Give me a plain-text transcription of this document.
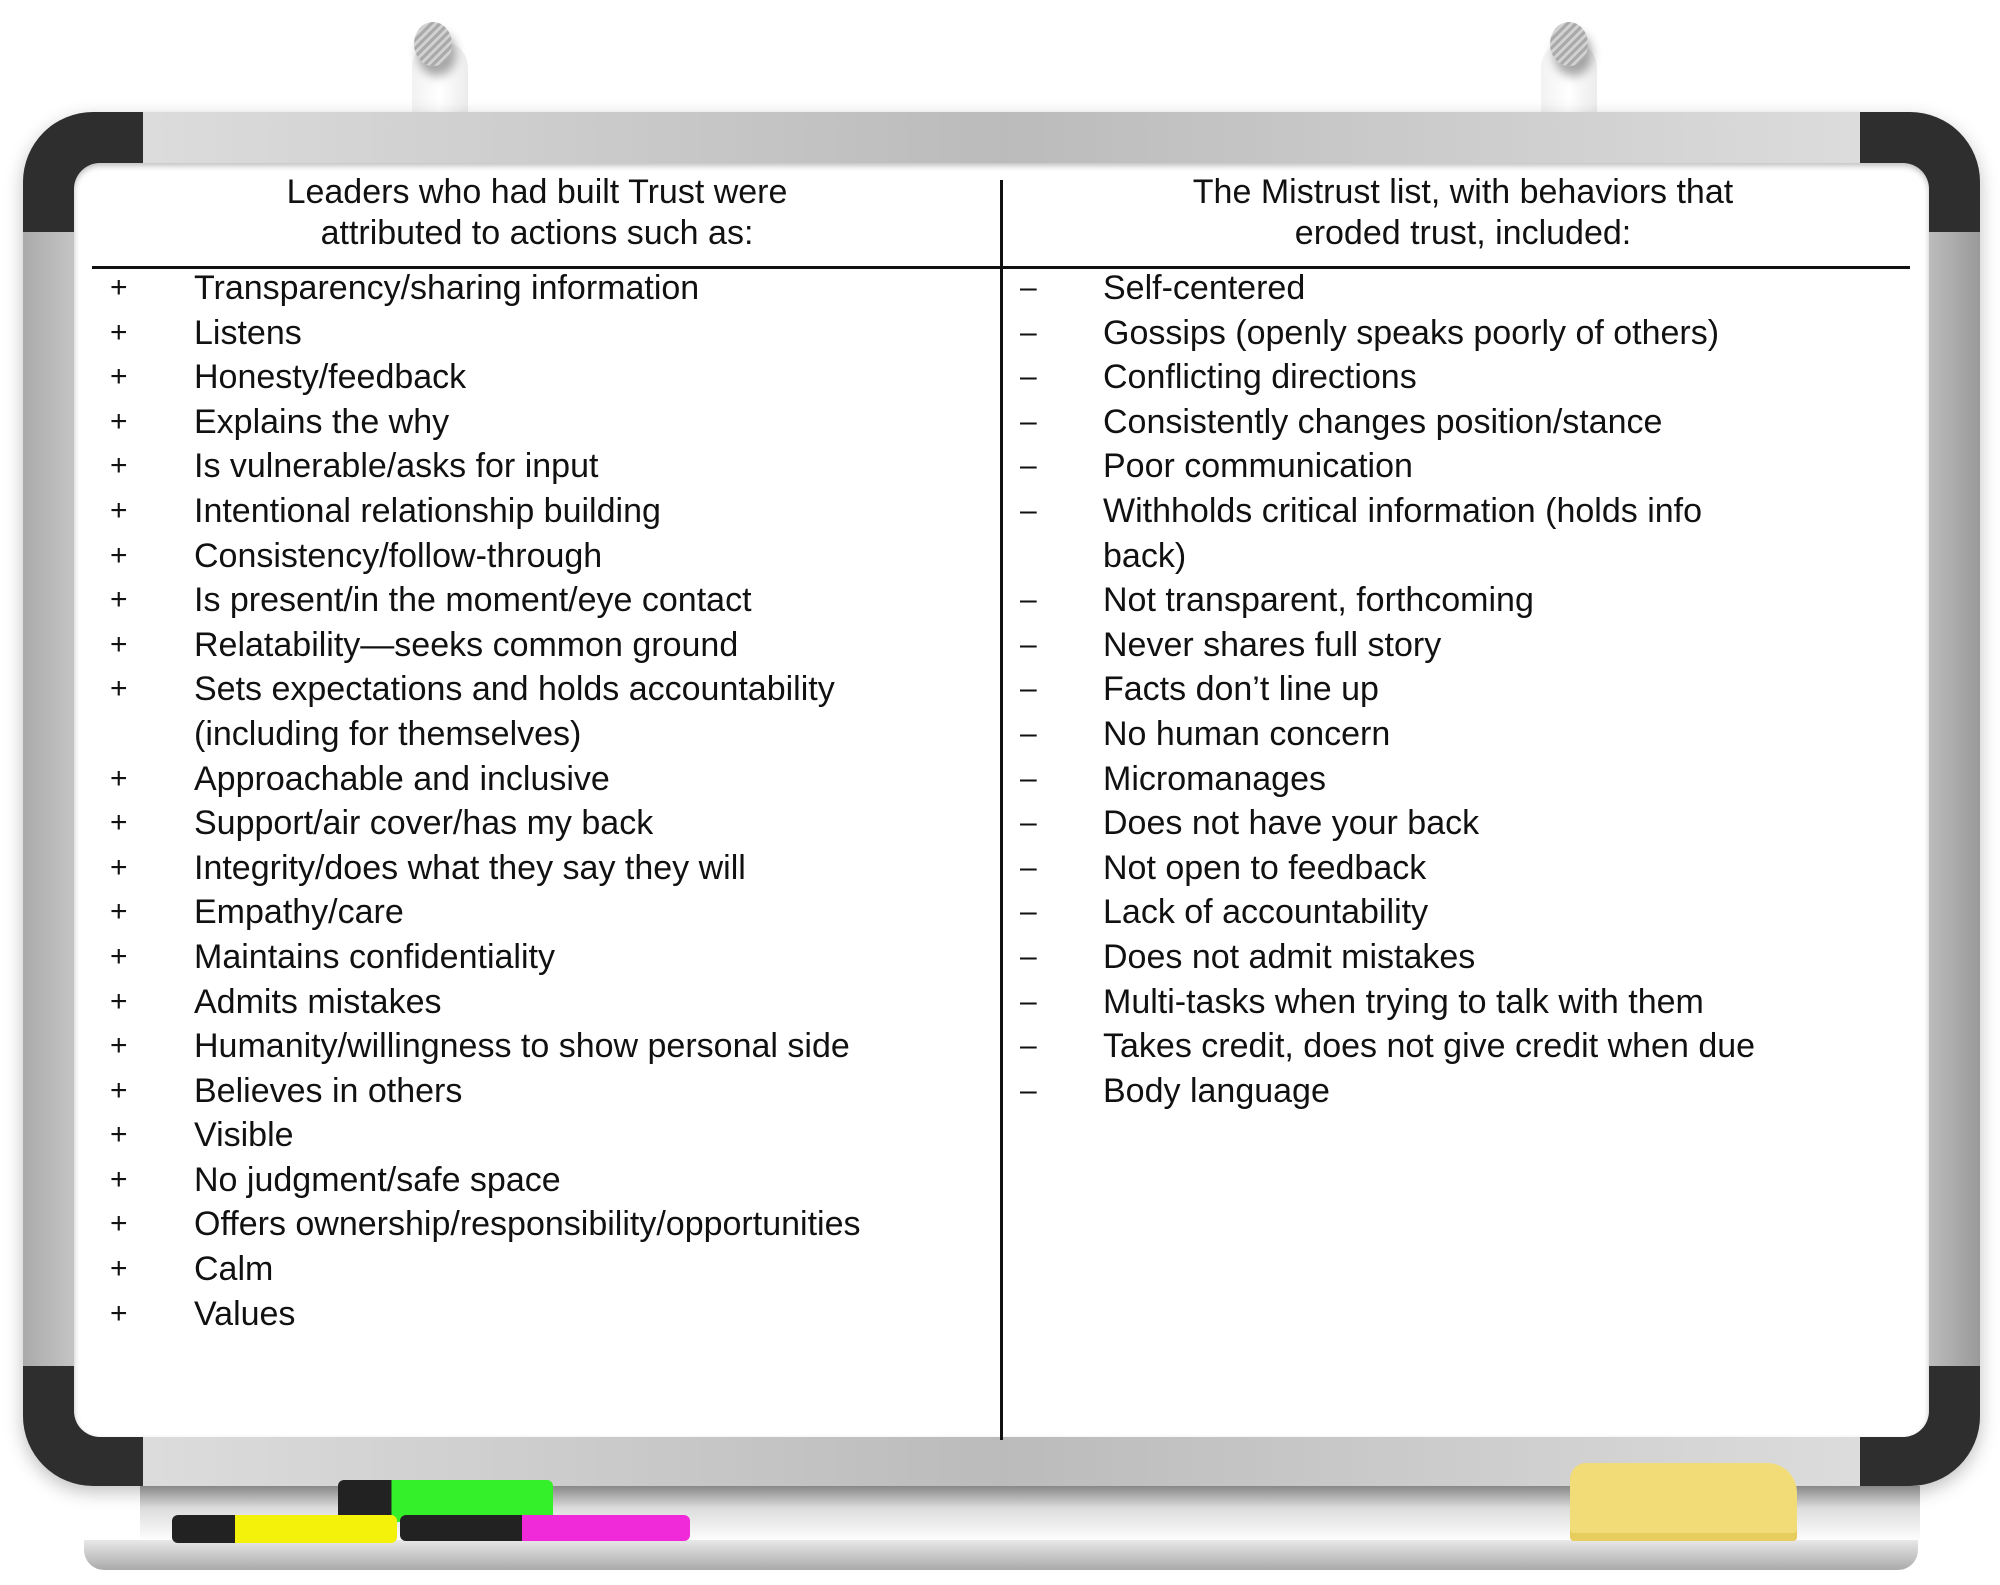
Leaders who had built Trust were
attributed to actions such as:
The Mistrust list, with behaviors that
eroded trust, included:
+ Transparency/sharing information
+ Listens
+ Honesty/feedback
+ Explains the why
+ Is vulnerable/asks for input
+ Intentional relationship building
+ Consistency/follow-through
+ Is present/in the moment/eye contact
+ Relatability—seeks common ground
+ Sets expectations and holds accountability
(including for themselves)
+ Approachable and inclusive
+ Support/air cover/has my back
+ Integrity/does what they say they will
+ Empathy/care
+ Maintains confidentiality
+ Admits mistakes
+ Humanity/willingness to show personal side
+ Believes in others
+ Visible
+ No judgment/safe space
+ Offers ownership/responsibility/opportunities
+ Calm
+ Values
– Self-centered
– Gossips (openly speaks poorly of others)
– Conflicting directions
– Consistently changes position/stance
– Poor communication
– Withholds critical information (holds info
back)
– Not transparent, forthcoming
– Never shares full story
– Facts don’t line up
– No human concern
– Micromanages
– Does not have your back
– Not open to feedback
– Lack of accountability
– Does not admit mistakes
– Multi-tasks when trying to talk with them
– Takes credit, does not give credit when due
– Body language
